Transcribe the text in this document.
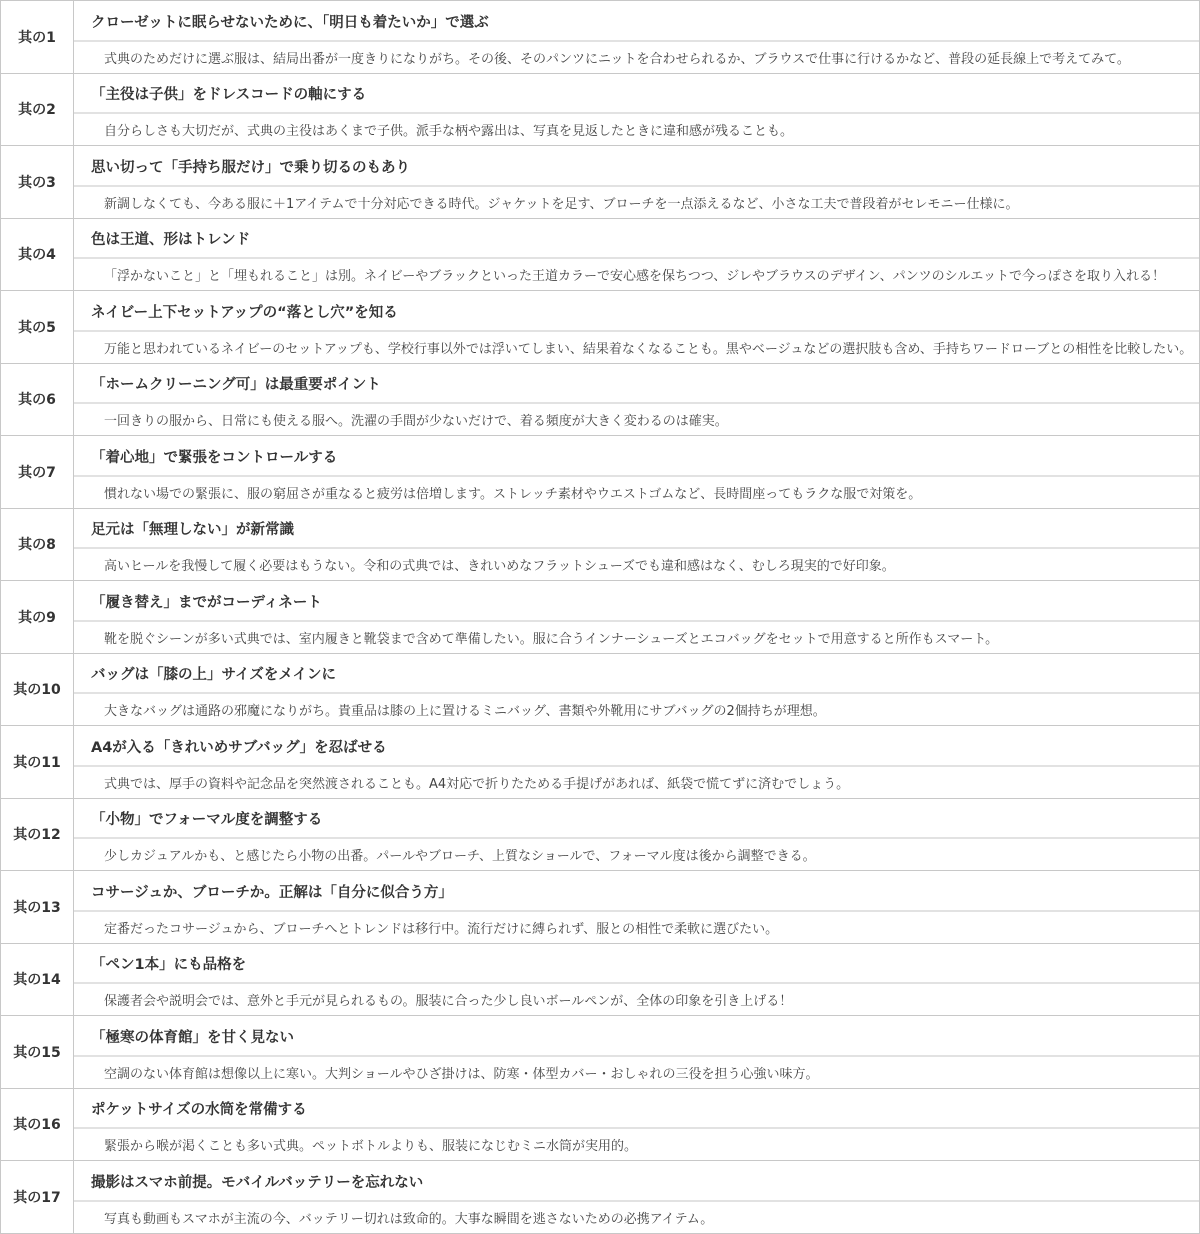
其の1	クローゼットに眠らせないために、「明日も着たいか」で選ぶ
式典のためだけに選ぶ服は、結局出番が一度きりになりがち。その後、そのパンツにニットを合わせられるか、ブラウスで仕事に行けるかなど、普段の延長線上で考えてみて。

其の2	「主役は子供」をドレスコードの軸にする
自分らしさも大切だが、式典の主役はあくまで子供。派手な柄や露出は、写真を見返したときに違和感が残ることも。

其の3	思い切って「手持ち服だけ」で乗り切るのもあり
新調しなくても、今ある服に＋1アイテムで十分対応できる時代。ジャケットを足す、ブローチを一点添えるなど、小さな工夫で普段着がセレモニー仕様に。

其の4	色は王道、形はトレンド
「浮かないこと」と「埋もれること」は別。ネイビーやブラックといった王道カラーで安心感を保ちつつ、ジレやブラウスのデザイン、パンツのシルエットで今っぽさを取り入れる！

其の5	ネイビー上下セットアップの“落とし穴”を知る
万能と思われているネイビーのセットアップも、学校行事以外では浮いてしまい、結果着なくなることも。黒やベージュなどの選択肢も含め、手持ちワードローブとの相性を比較したい。

其の6	「ホームクリーニング可」は最重要ポイント
一回きりの服から、日常にも使える服へ。洗濯の手間が少ないだけで、着る頻度が大きく変わるのは確実。

其の7	「着心地」で緊張をコントロールする
慣れない場での緊張に、服の窮屈さが重なると疲労は倍増します。ストレッチ素材やウエストゴムなど、長時間座ってもラクな服で対策を。

其の8	足元は「無理しない」が新常識
高いヒールを我慢して履く必要はもうない。令和の式典では、きれいめなフラットシューズでも違和感はなく、むしろ現実的で好印象。

其の9	「履き替え」までがコーディネート
靴を脱ぐシーンが多い式典では、室内履きと靴袋まで含めて準備したい。服に合うインナーシューズとエコバッグをセットで用意すると所作もスマート。

其の10	バッグは「膝の上」サイズをメインに
大きなバッグは通路の邪魔になりがち。貴重品は膝の上に置けるミニバッグ、書類や外靴用にサブバッグの2個持ちが理想。

其の11	A4が入る「きれいめサブバッグ」を忍ばせる
式典では、厚手の資料や記念品を突然渡されることも。A4対応で折りたためる手提げがあれば、紙袋で慌てずに済むでしょう。

其の12	「小物」でフォーマル度を調整する
少しカジュアルかも、と感じたら小物の出番。パールやブローチ、上質なショールで、フォーマル度は後から調整できる。

其の13	コサージュか、ブローチか。正解は「自分に似合う方」
定番だったコサージュから、ブローチへとトレンドは移行中。流行だけに縛られず、服との相性で柔軟に選びたい。

其の14	「ペン1本」にも品格を
保護者会や説明会では、意外と手元が見られるもの。服装に合った少し良いボールペンが、全体の印象を引き上げる！

其の15	「極寒の体育館」を甘く見ない
空調のない体育館は想像以上に寒い。大判ショールやひざ掛けは、防寒・体型カバー・おしゃれの三役を担う心強い味方。

其の16	ポケットサイズの水筒を常備する
緊張から喉が渇くことも多い式典。ペットボトルよりも、服装になじむミニ水筒が実用的。

其の17	撮影はスマホ前提。モバイルバッテリーを忘れない
写真も動画もスマホが主流の今、バッテリー切れは致命的。大事な瞬間を逃さないための必携アイテム。
